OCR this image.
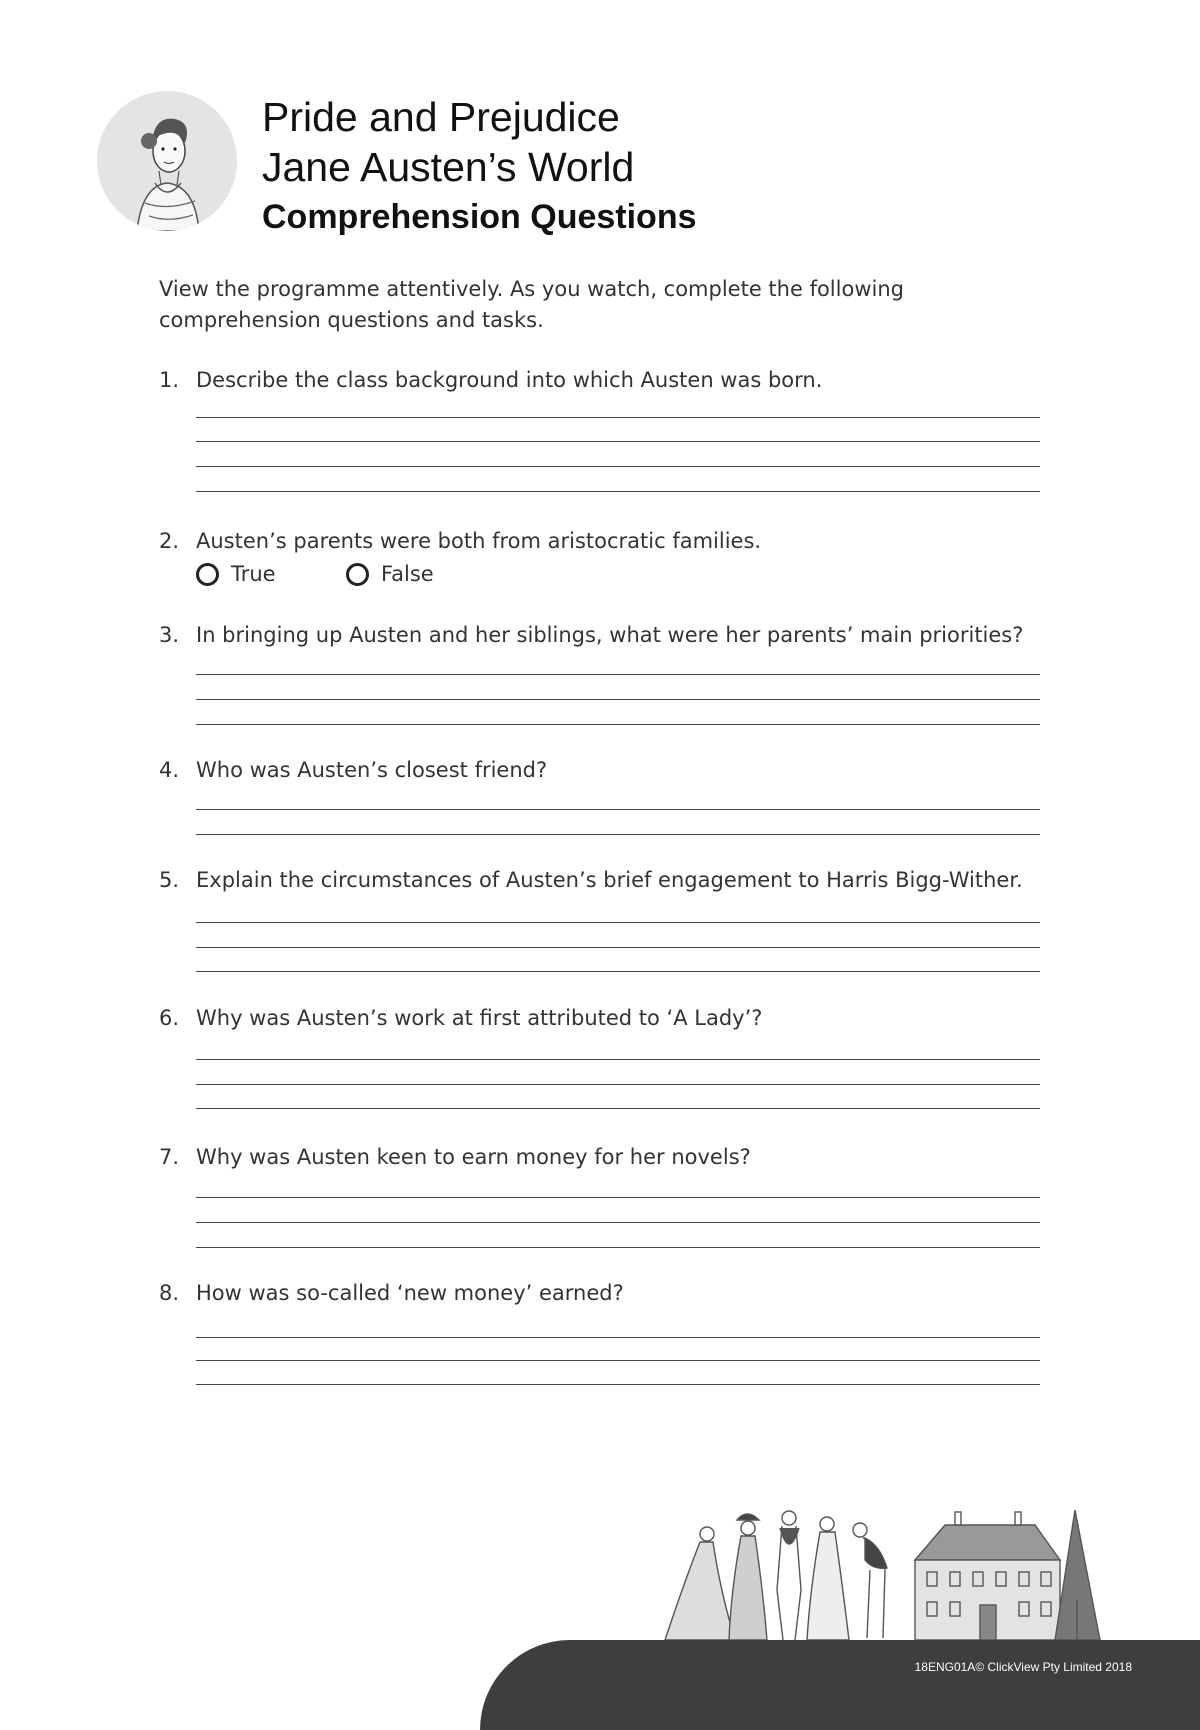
Pride and Prejudice
Jane Austen’s World
Comprehension Questions
View the programme attentively. As you watch, complete the following comprehension questions and tasks.
1. Describe the class background into which Austen was born.
2. Austen’s parents were both from aristocratic families.
True	False
3. In bringing up Austen and her siblings, what were her parents’ main priorities?
4. Who was Austen’s closest friend?
5. Explain the circumstances of Austen’s brief engagement to Harris Bigg-Wither.
6. Why was Austen’s work at first attributed to ‘A Lady’?
7. Why was Austen keen to earn money for her novels?
8. How was so-called ‘new money’ earned?
18ENG01A© ClickView Pty Limited 2018
